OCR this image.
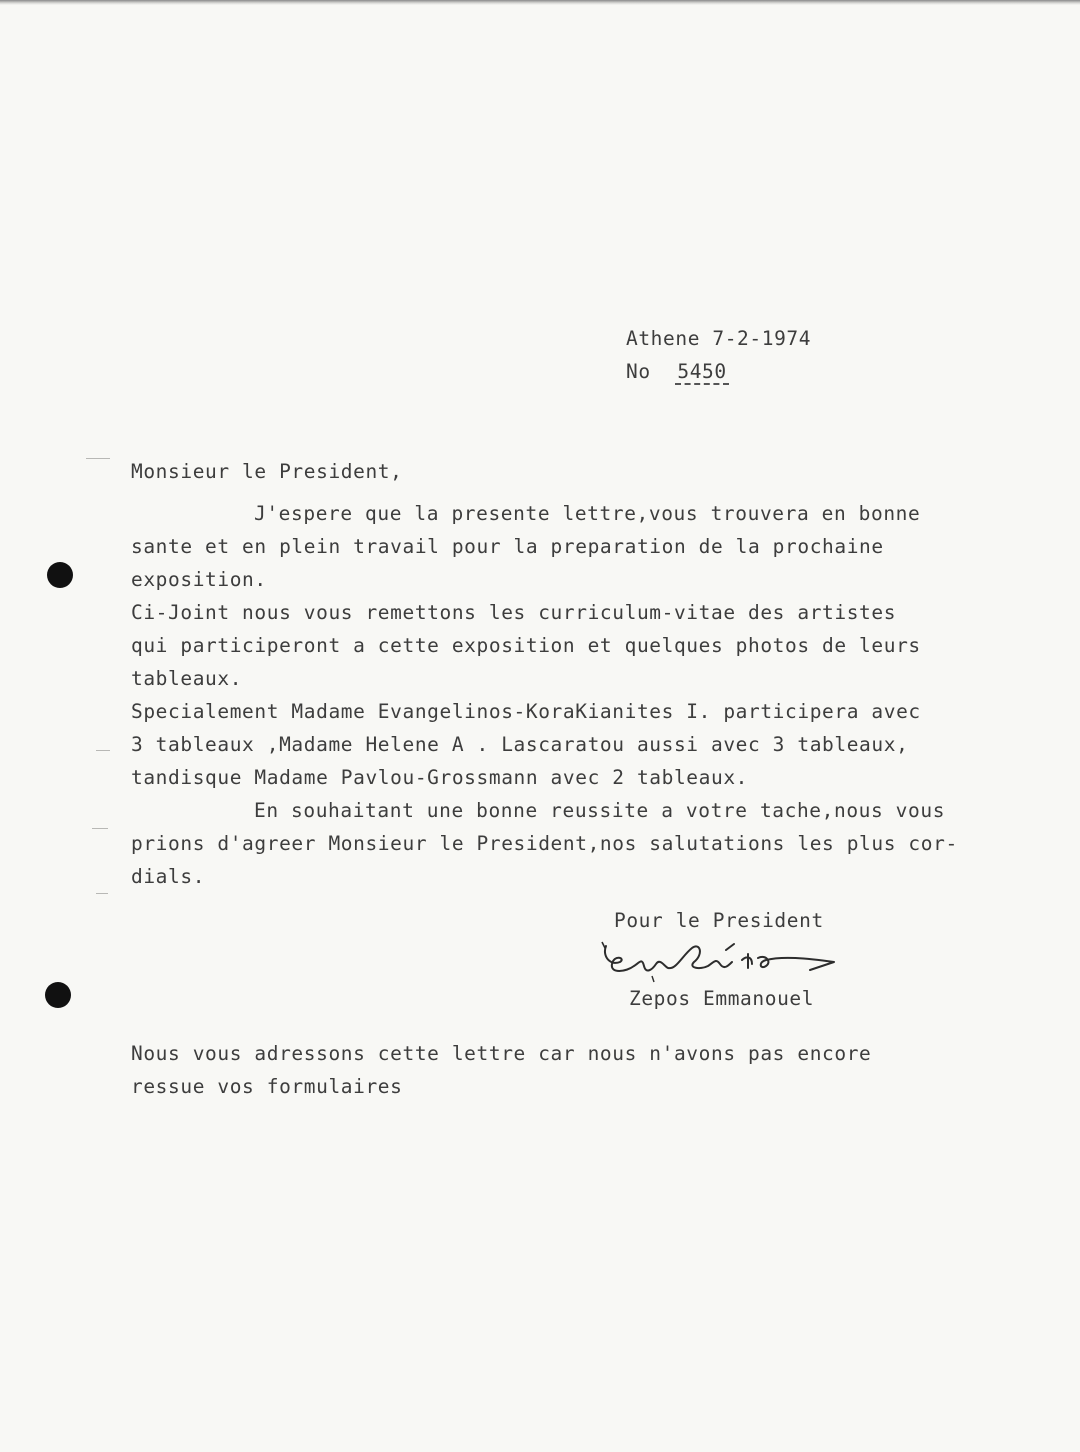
Athene 7-2-1974
No 5450
Monsieur le President,
J'espere que la presente lettre,vous trouvera en bonne
sante et en plein travail pour la preparation de la prochaine
exposition.
Ci-Joint nous vous remettons les curriculum-vitae des artistes
qui participeront a cette exposition et quelques photos de leurs
tableaux.
Specialement Madame Evangelinos-KoraKianites I. participera avec
3 tableaux ,Madame Helene A . Lascaratou aussi avec 3 tableaux,
tandisque Madame Pavlou-Grossmann avec 2 tableaux.
En souhaitant une bonne reussite a votre tache,nous vous
prions d'agreer Monsieur le President,nos salutations les plus cor-
dials.
Pour le President
Zepos Emmanouel
Nous vous adressons cette lettre car nous n'avons pas encore
ressue vos formulaires
